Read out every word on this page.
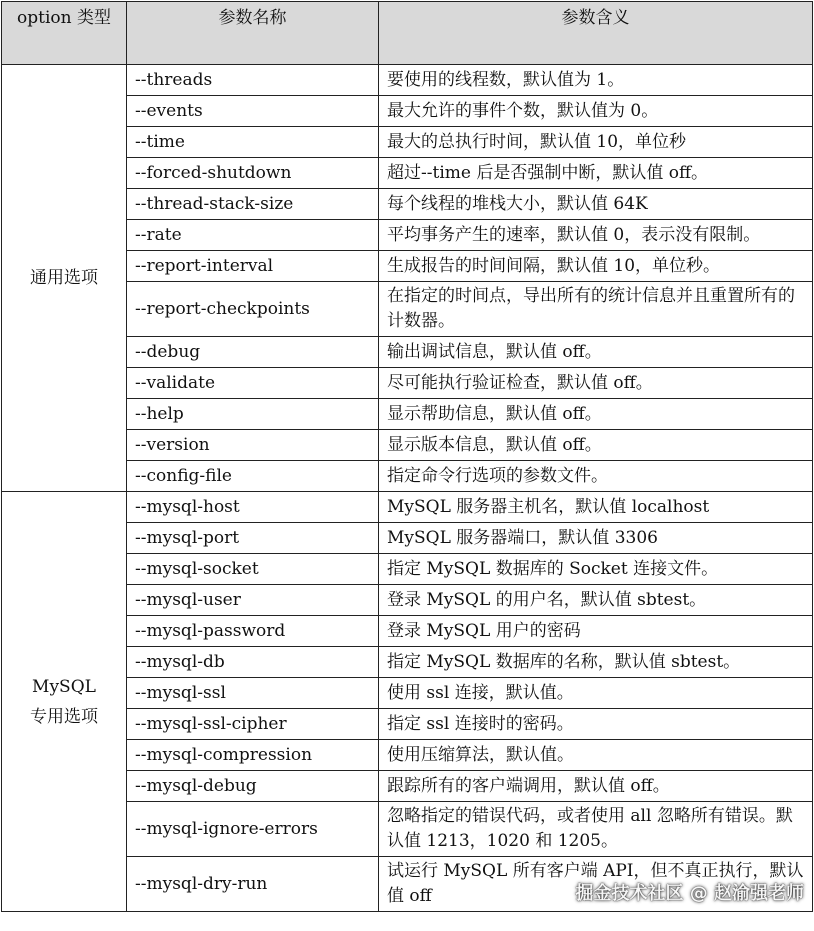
option 类型	参数名称	参数含义
通用选项	--threads	要使用的线程数，默认值为 1。
	--events	最大允许的事件个数，默认值为 0。
	--time	最大的总执行时间，默认值 10，单位秒
	--forced-shutdown	超过--time 后是否强制中断，默认值 off。
	--thread-stack-size	每个线程的堆栈大小，默认值 64K
	--rate	平均事务产生的速率，默认值 0，表示没有限制。
	--report-interval	生成报告的时间间隔，默认值 10，单位秒。
	--report-checkpoints	在指定的时间点，导出所有的统计信息并且重置所有的计数器。
	--debug	输出调试信息，默认值 off。
	--validate	尽可能执行验证检查，默认值 off。
	--help	显示帮助信息，默认值 off。
	--version	显示版本信息，默认值 off。
	--config-file	指定命令行选项的参数文件。
MySQL
专用选项	--mysql-host	MySQL 服务器主机名，默认值 localhost
	--mysql-port	MySQL 服务器端口，默认值 3306
	--mysql-socket	指定 MySQL 数据库的 Socket 连接文件。
	--mysql-user	登录 MySQL 的用户名，默认值 sbtest。
	--mysql-password	登录 MySQL 用户的密码
	--mysql-db	指定 MySQL 数据库的名称，默认值 sbtest。
	--mysql-ssl	使用 ssl 连接，默认值。
	--mysql-ssl-cipher	指定 ssl 连接时的密码。
	--mysql-compression	使用压缩算法，默认值。
	--mysql-debug	跟踪所有的客户端调用，默认值 off。
	--mysql-ignore-errors	忽略指定的错误代码，或者使用 all 忽略所有错误。默认值 1213，1020 和 1205。
	--mysql-dry-run	试运行 MySQL 所有客户端 API，但不真正执行，默认值 off	掘金技术社区 @ 赵渝强老师
